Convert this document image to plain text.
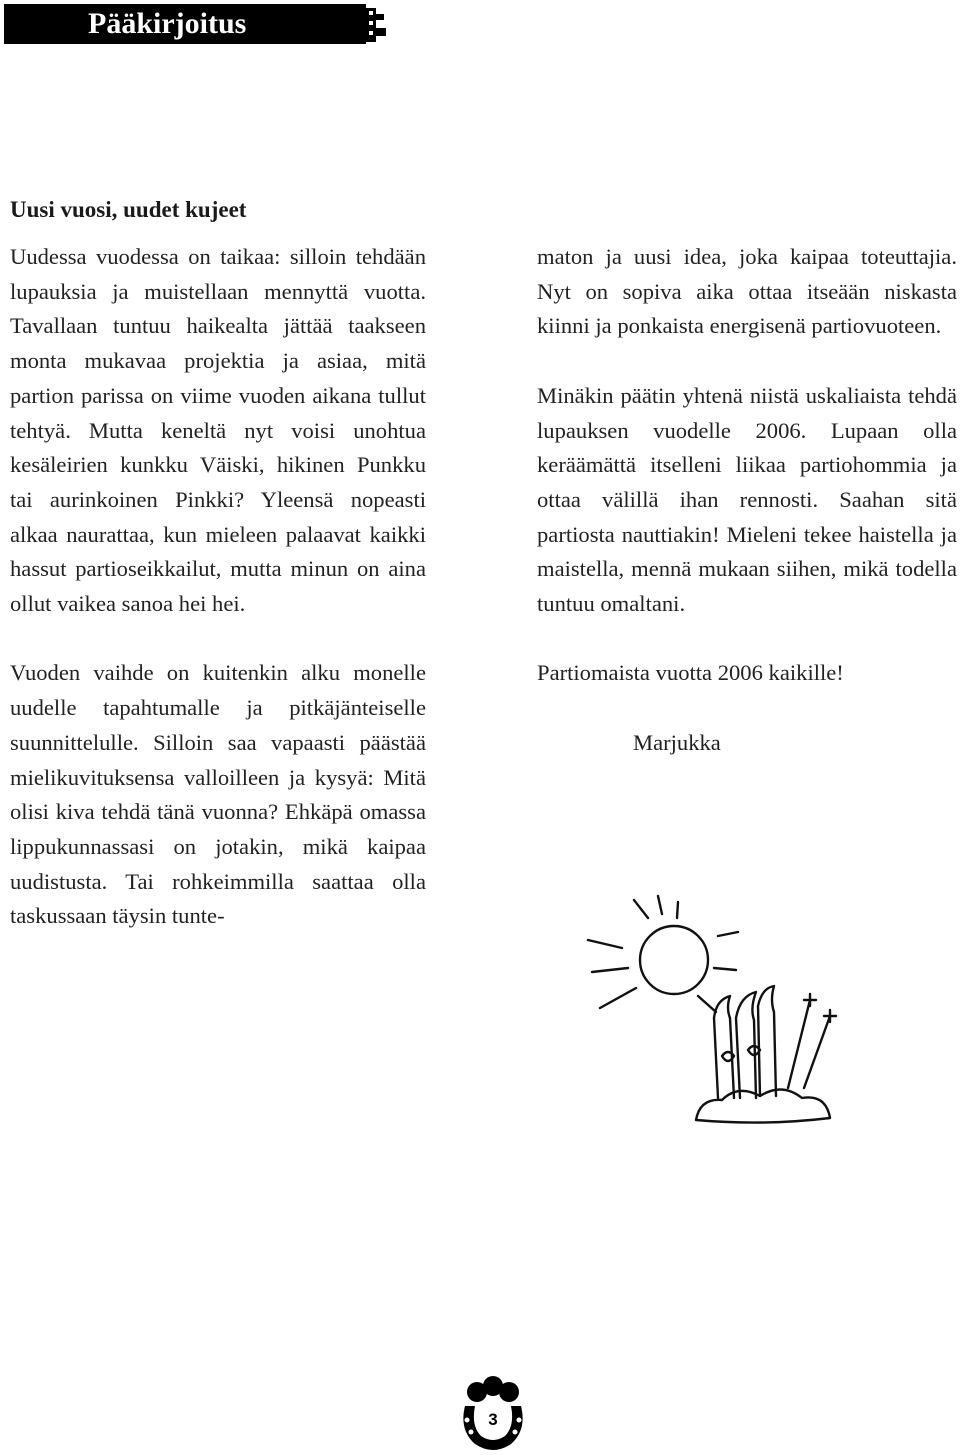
Pääkirjoitus
Uusi vuosi, uudet kujeet

Uudessa vuodessa on taikaa: silloin tehdään lupauksia ja muistellaan mennyttä vuotta. Tavallaan tuntuu haikealta jättää taakseen monta mukavaa projektia ja asiaa, mitä partion parissa on viime vuoden aikana tullut tehtyä. Mutta keneltä nyt voisi unohtua kesäleirien kunkku Väiski, hikinen Punkku tai aurinkoinen Pinkki? Yleensä nopeasti alkaa naurattaa, kun mieleen palaavat kaikki hassut partioseikkailut, mutta minun on aina ollut vaikea sanoa hei hei.

Vuoden vaihde on kuitenkin alku monelle uudelle tapahtumalle ja pitkäjänteiselle suunnittelulle. Silloin saa vapaasti päästää mielikuvituksensa valloilleen ja kysyä: Mitä olisi kiva tehdä tänä vuonna? Ehkäpä omassa lippukunnassasi on jotakin, mikä kaipaa uudistusta. Tai rohkeimmilla saattaa olla taskussaan täysin tunte-

maton ja uusi idea, joka kaipaa toteuttajia. Nyt on sopiva aika ottaa itseään niskasta kiinni ja ponkaista energisenä partiovuoteen.

Minäkin päätin yhtenä niistä uskaliaista tehdä lupauksen vuodelle 2006. Lupaan olla keräämättä itselleni liikaa partiohommia ja ottaa välillä ihan rennosti. Saahan sitä partiosta nauttiakin! Mieleni tekee haistella ja maistella, mennä mukaan siihen, mikä todella tuntuu omaltani.

Partiomaista vuotta 2006 kaikille!

Marjukka

3
